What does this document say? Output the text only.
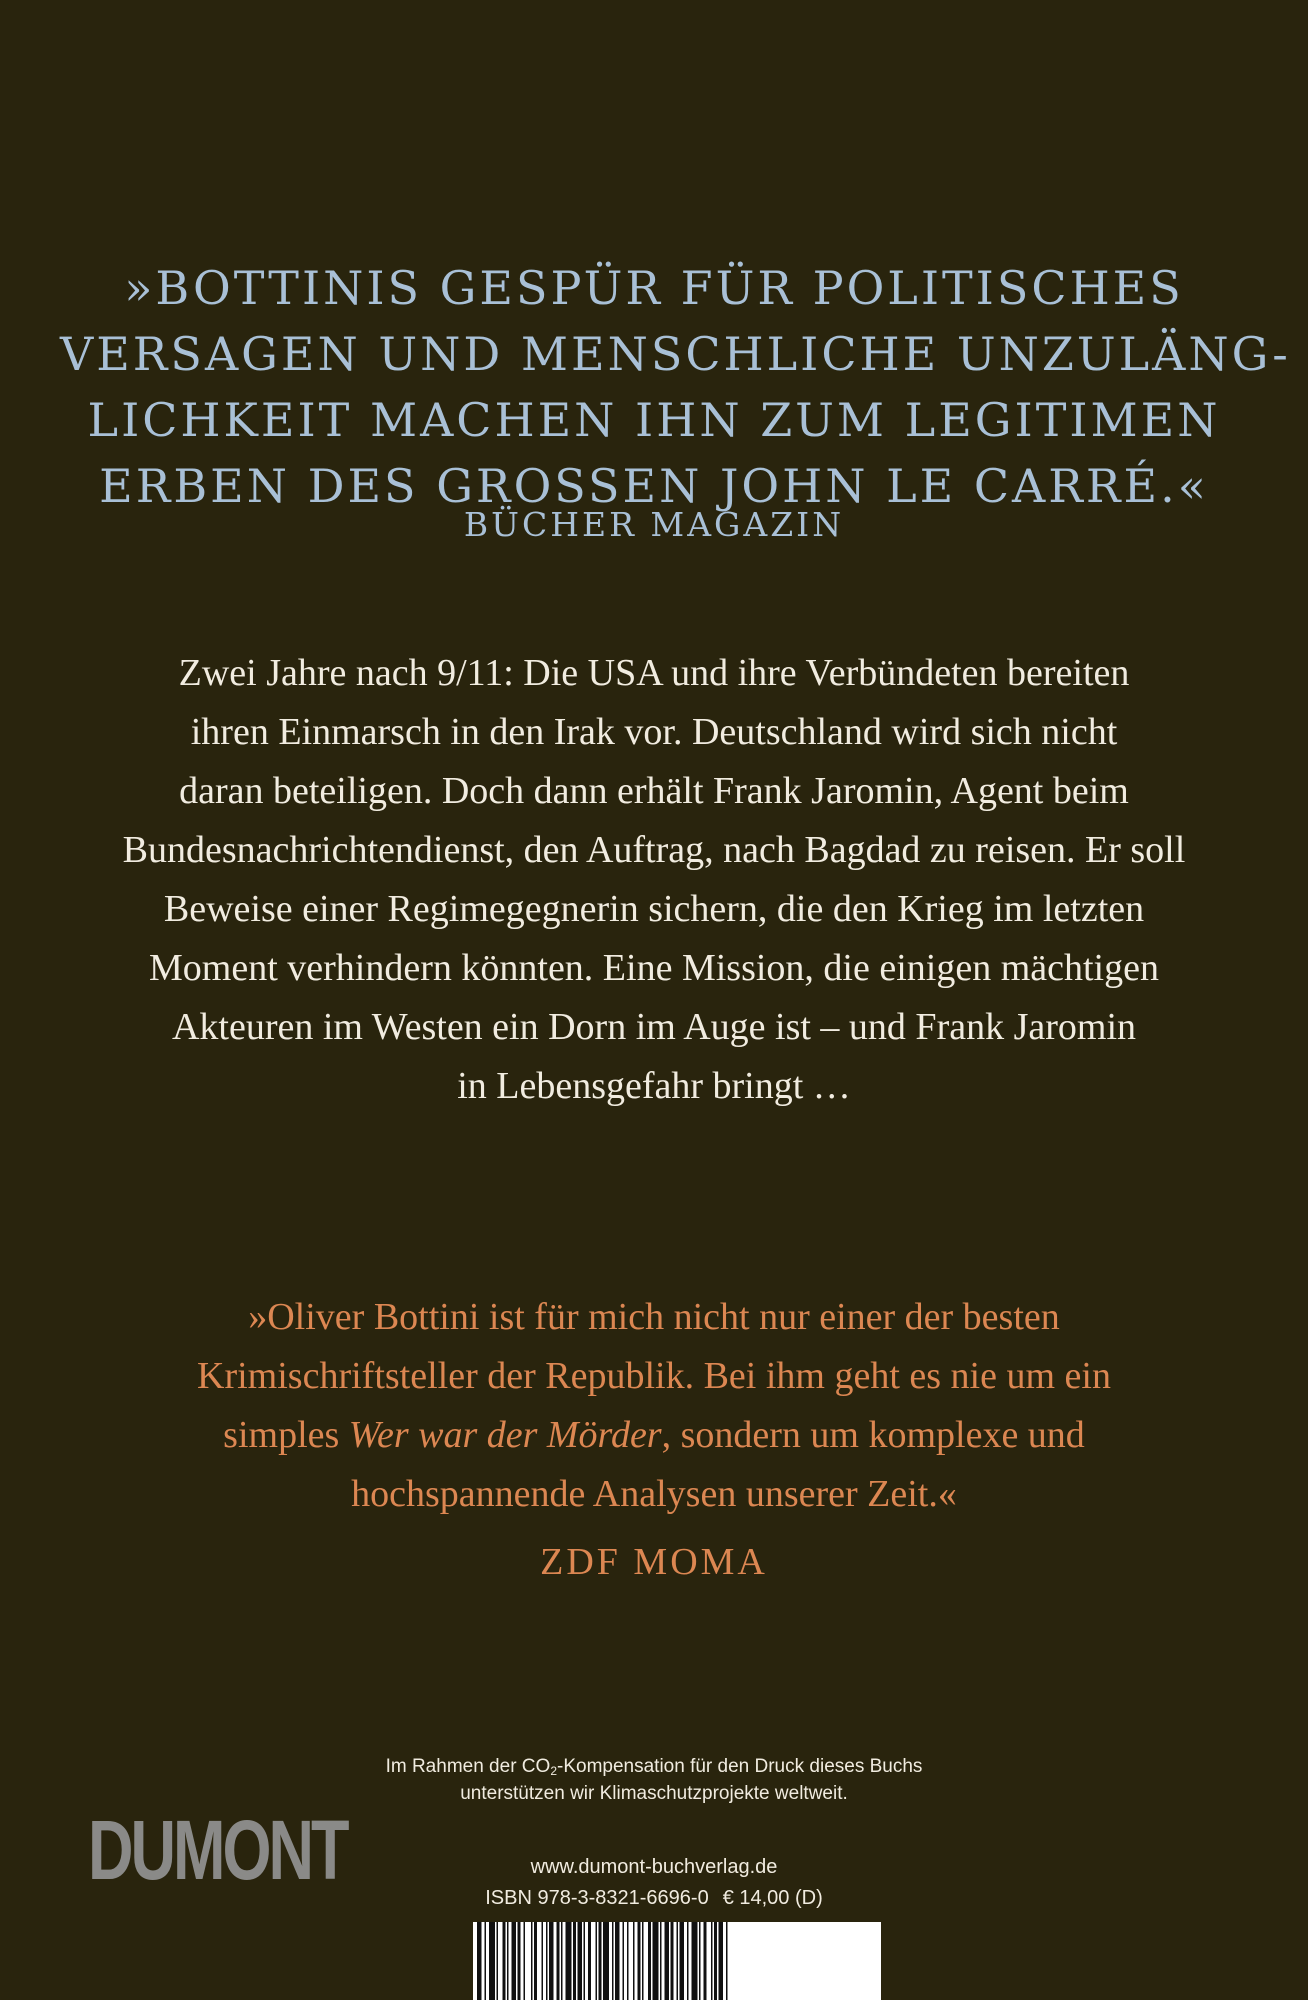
»BOTTINIS GESPÜR FÜR POLITISCHES
VERSAGEN UND MENSCHLICHE UNZULÄNG-
LICHKEIT MACHEN IHN ZUM LEGITIMEN
ERBEN DES GROSSEN JOHN LE CARRÉ.«
BÜCHER MAGAZIN
Zwei Jahre nach 9/11: Die USA und ihre Verbündeten bereiten
ihren Einmarsch in den Irak vor. Deutschland wird sich nicht
daran beteiligen. Doch dann erhält Frank Jaromin, Agent beim
Bundesnachrichtendienst, den Auftrag, nach Bagdad zu reisen. Er soll
Beweise einer Regimegegnerin sichern, die den Krieg im letzten
Moment verhindern könnten. Eine Mission, die einigen mächtigen
Akteuren im Westen ein Dorn im Auge ist – und Frank Jaromin
in Lebensgefahr bringt …
»Oliver Bottini ist für mich nicht nur einer der besten
Krimischriftsteller der Republik. Bei ihm geht es nie um ein
simples Wer war der Mörder, sondern um komplexe und
hochspannende Analysen unserer Zeit.«
ZDF MOMA
Im Rahmen der $CO_2$-Kompensation für den Druck dieses Buchs
unterstützen wir Klimaschutzprojekte weltweit.
DUMONT	www.dumont-buchverlag.de
ISBN 978-3-8321-6696-0 € 14,00 (D)
